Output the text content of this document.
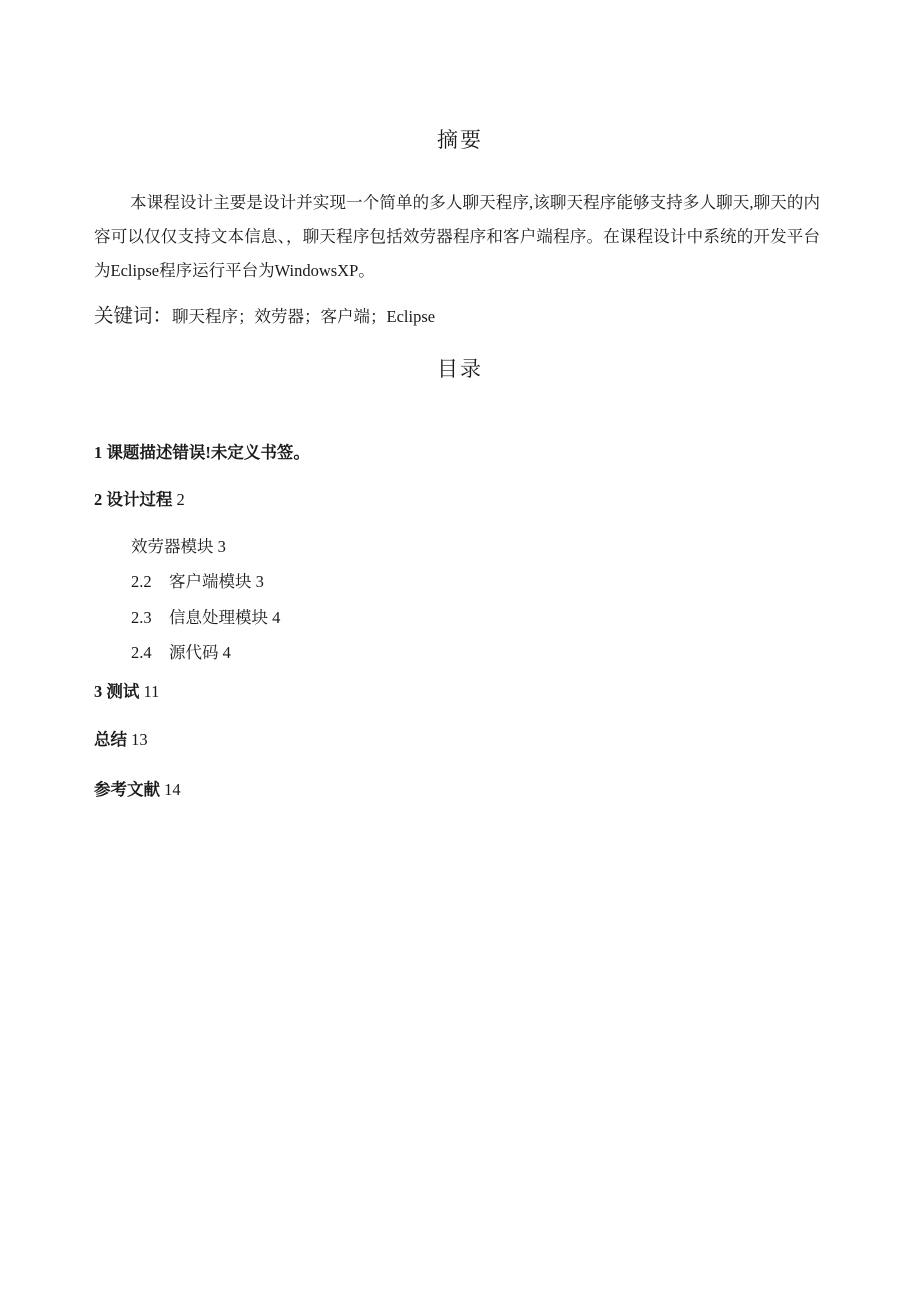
摘要

本课程设计主要是设计并实现一个简单的多人聊天程序,该聊天程序能够支持多人聊天,聊天的内容可以仅仅支持文本信息、，聊天程序包括效劳器程序和客户端程序。在课程设计中系统的开发平台为Eclipse程序运行平台为WindowsXP。

关键词：聊天程序；效劳器；客户端；Eclipse
目录
1 课题描述错误!未定义书签。
2 设计过程 2
效劳器模块 3
2.2 客户端模块 3
2.3 信息处理模块 4
2.4 源代码 4
3 测试 11
总结 13
参考文献 14
